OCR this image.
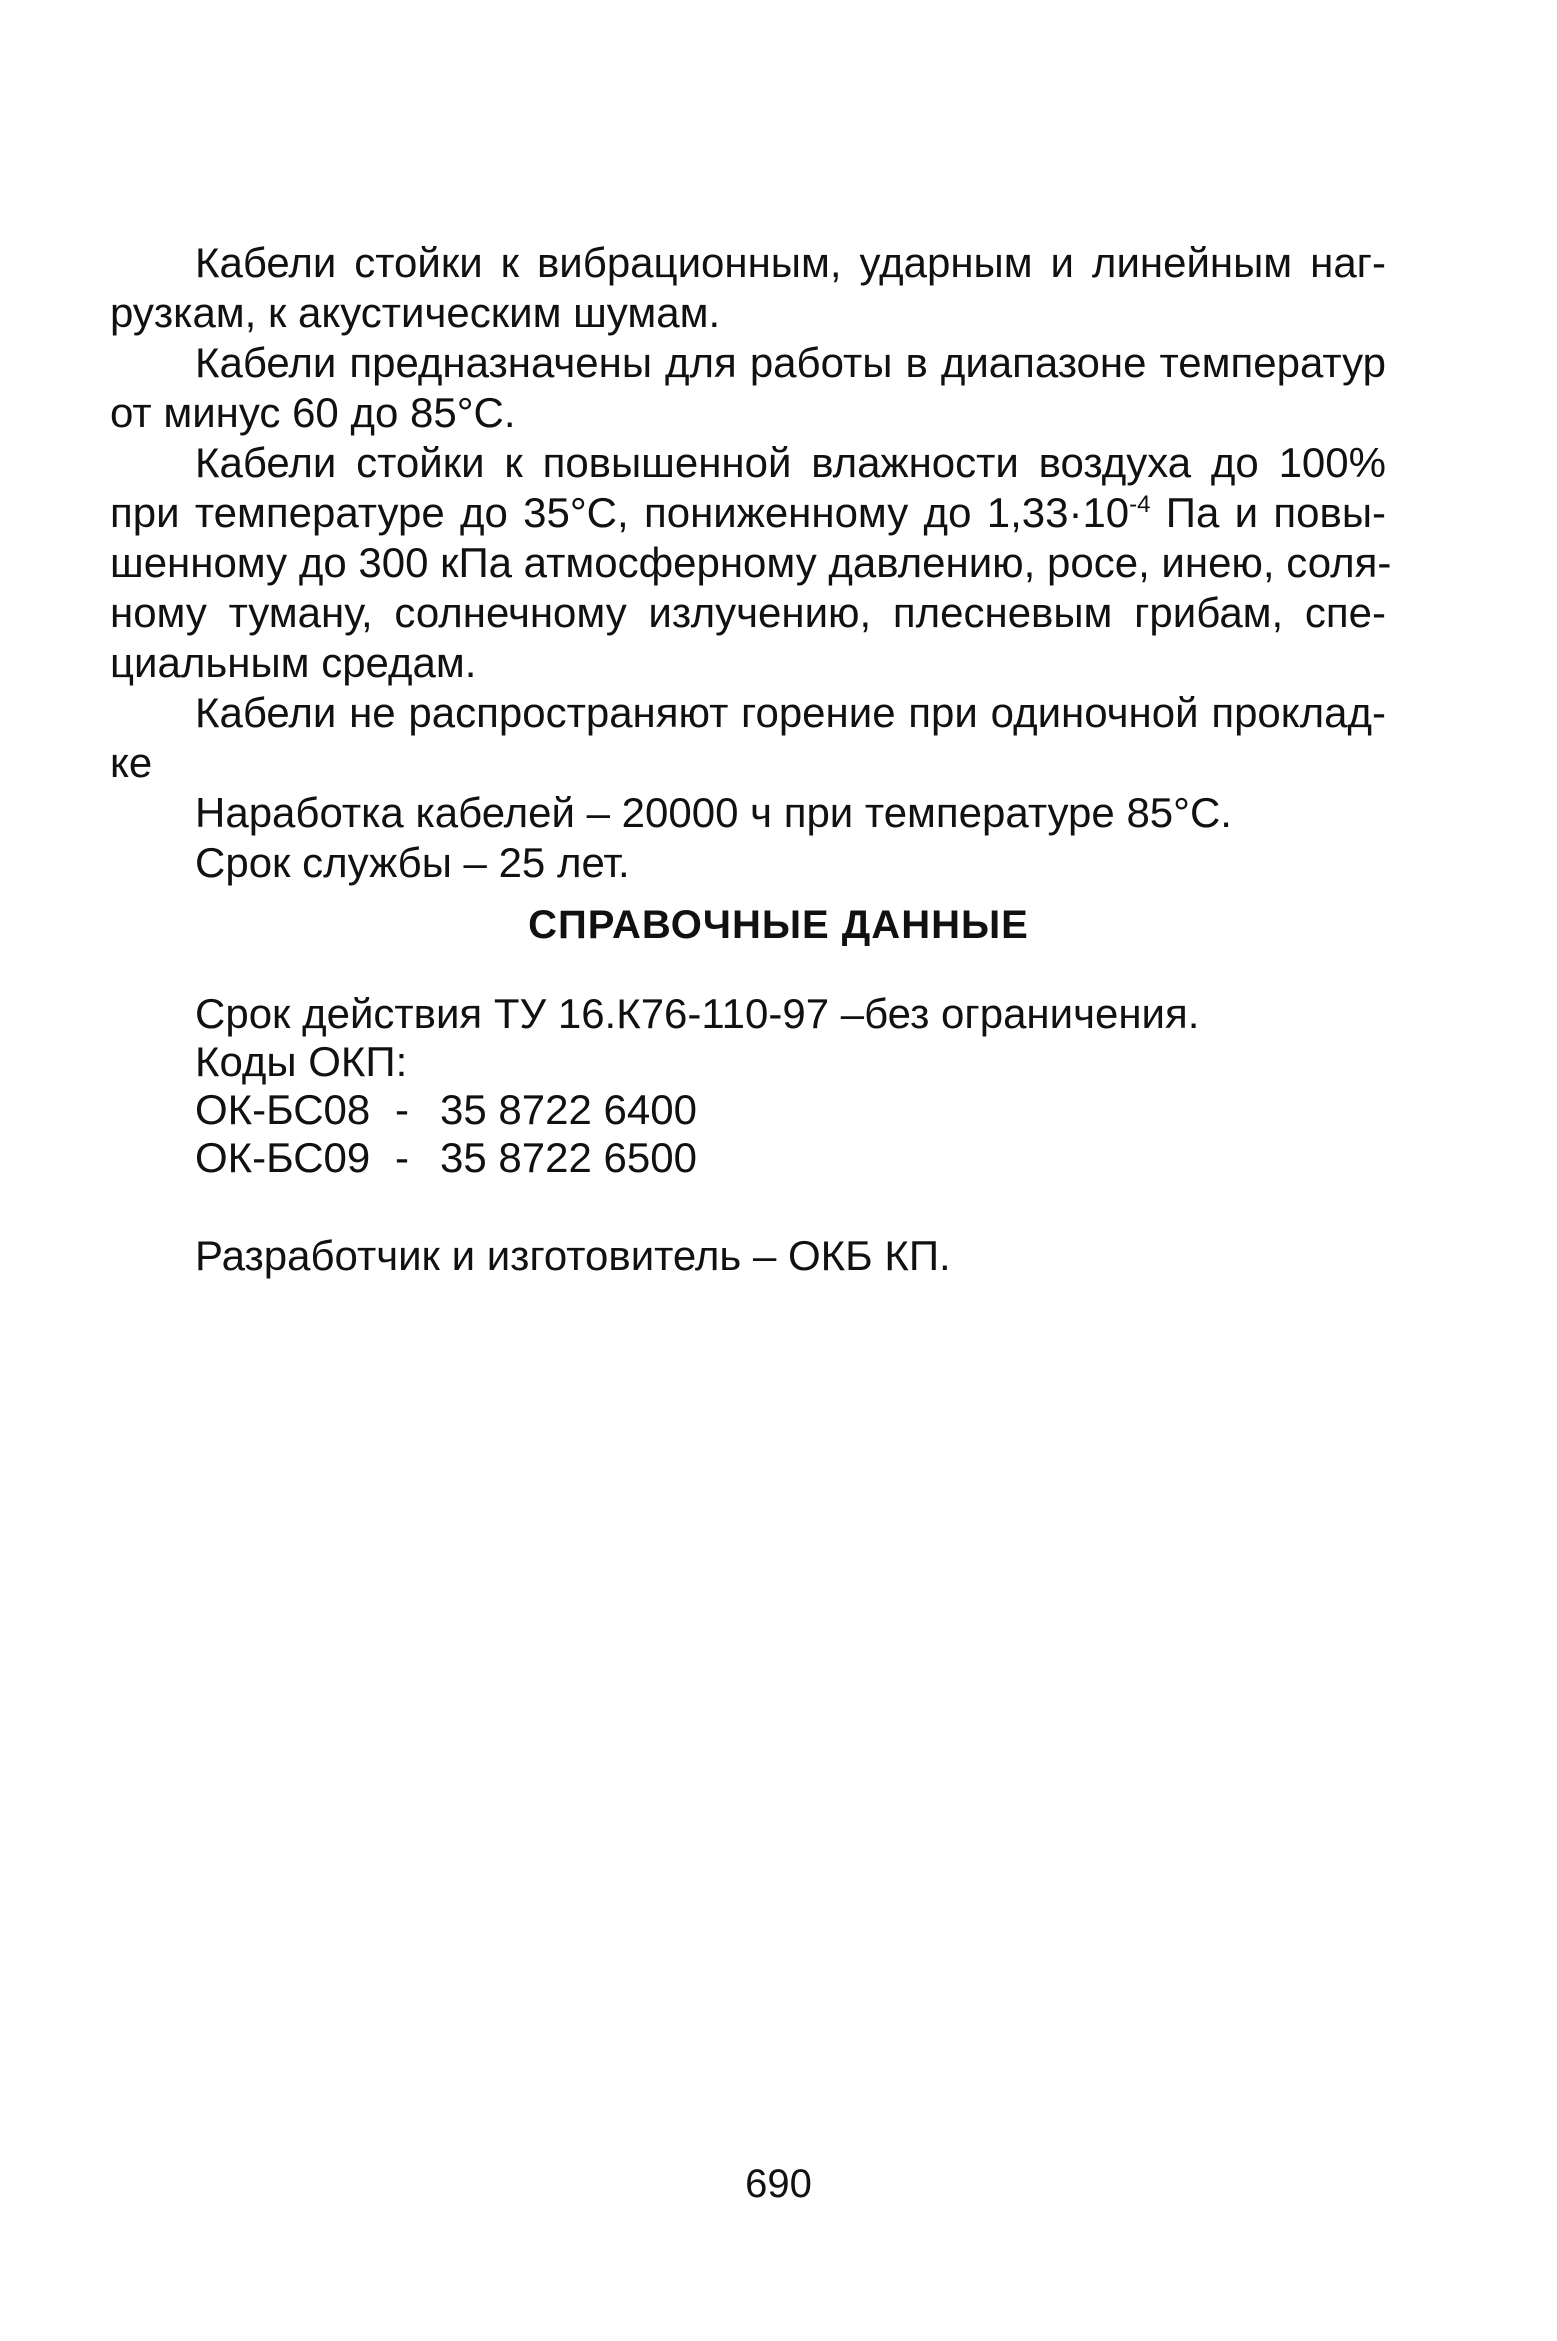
Кабели стойки к вибрационным, ударным и линейным наг-
рузкам, к акустическим шумам.
Кабели предназначены для работы в диапазоне температур
от минус 60 до 85°С.
Кабели стойки к повышенной влажности воздуха до 100%
при температуре до 35°С, пониженному до $1,33\cdot 10^{-4}$ Па и повы-
шенному до 300 кПа атмосферному давлению, росе, инею, соля-
ному туману, солнечному излучению, плесневым грибам, спе-
циальным средам.
Кабели не распространяют горение при одиночной проклад-
ке

Наработка кабелей – 20000 ч при температуре 85°С.

Срок службы – 25 лет.

СПРАВОЧНЫЕ ДАННЫЕ
Срок действия ТУ 16.К76-110-97 –без ограничения.
Коды ОКП:
ОК-БС08 - 35 8722 6400
ОК-БС09 - 35 8722 6500
Разработчик и изготовитель – ОКБ КП.
690
